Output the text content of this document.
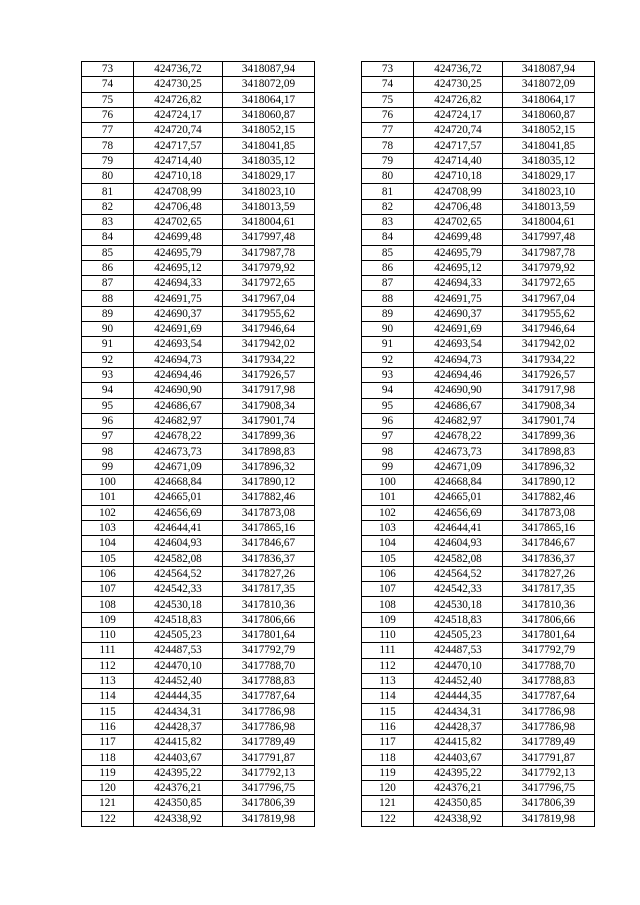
73	424736,72	3418087,94		73	424736,72	3418087,94
74	424730,25	3418072,09		74	424730,25	3418072,09
75	424726,82	3418064,17		75	424726,82	3418064,17
76	424724,17	3418060,87		76	424724,17	3418060,87
77	424720,74	3418052,15		77	424720,74	3418052,15
78	424717,57	3418041,85		78	424717,57	3418041,85
79	424714,40	3418035,12		79	424714,40	3418035,12
80	424710,18	3418029,17		80	424710,18	3418029,17
81	424708,99	3418023,10		81	424708,99	3418023,10
82	424706,48	3418013,59		82	424706,48	3418013,59
83	424702,65	3418004,61		83	424702,65	3418004,61
84	424699,48	3417997,48		84	424699,48	3417997,48
85	424695,79	3417987,78		85	424695,79	3417987,78
86	424695,12	3417979,92		86	424695,12	3417979,92
87	424694,33	3417972,65		87	424694,33	3417972,65
88	424691,75	3417967,04		88	424691,75	3417967,04
89	424690,37	3417955,62		89	424690,37	3417955,62
90	424691,69	3417946,64		90	424691,69	3417946,64
91	424693,54	3417942,02		91	424693,54	3417942,02
92	424694,73	3417934,22		92	424694,73	3417934,22
93	424694,46	3417926,57		93	424694,46	3417926,57
94	424690,90	3417917,98		94	424690,90	3417917,98
95	424686,67	3417908,34		95	424686,67	3417908,34
96	424682,97	3417901,74		96	424682,97	3417901,74
97	424678,22	3417899,36		97	424678,22	3417899,36
98	424673,73	3417898,83		98	424673,73	3417898,83
99	424671,09	3417896,32		99	424671,09	3417896,32
100	424668,84	3417890,12		100	424668,84	3417890,12
101	424665,01	3417882,46		101	424665,01	3417882,46
102	424656,69	3417873,08		102	424656,69	3417873,08
103	424644,41	3417865,16		103	424644,41	3417865,16
104	424604,93	3417846,67		104	424604,93	3417846,67
105	424582,08	3417836,37		105	424582,08	3417836,37
106	424564,52	3417827,26		106	424564,52	3417827,26
107	424542,33	3417817,35		107	424542,33	3417817,35
108	424530,18	3417810,36		108	424530,18	3417810,36
109	424518,83	3417806,66		109	424518,83	3417806,66
110	424505,23	3417801,64		110	424505,23	3417801,64
111	424487,53	3417792,79		111	424487,53	3417792,79
112	424470,10	3417788,70		112	424470,10	3417788,70
113	424452,40	3417788,83		113	424452,40	3417788,83
114	424444,35	3417787,64		114	424444,35	3417787,64
115	424434,31	3417786,98		115	424434,31	3417786,98
116	424428,37	3417786,98		116	424428,37	3417786,98
117	424415,82	3417789,49		117	424415,82	3417789,49
118	424403,67	3417791,87		118	424403,67	3417791,87
119	424395,22	3417792,13		119	424395,22	3417792,13
120	424376,21	3417796,75		120	424376,21	3417796,75
121	424350,85	3417806,39		121	424350,85	3417806,39
122	424338,92	3417819,98		122	424338,92	3417819,98
